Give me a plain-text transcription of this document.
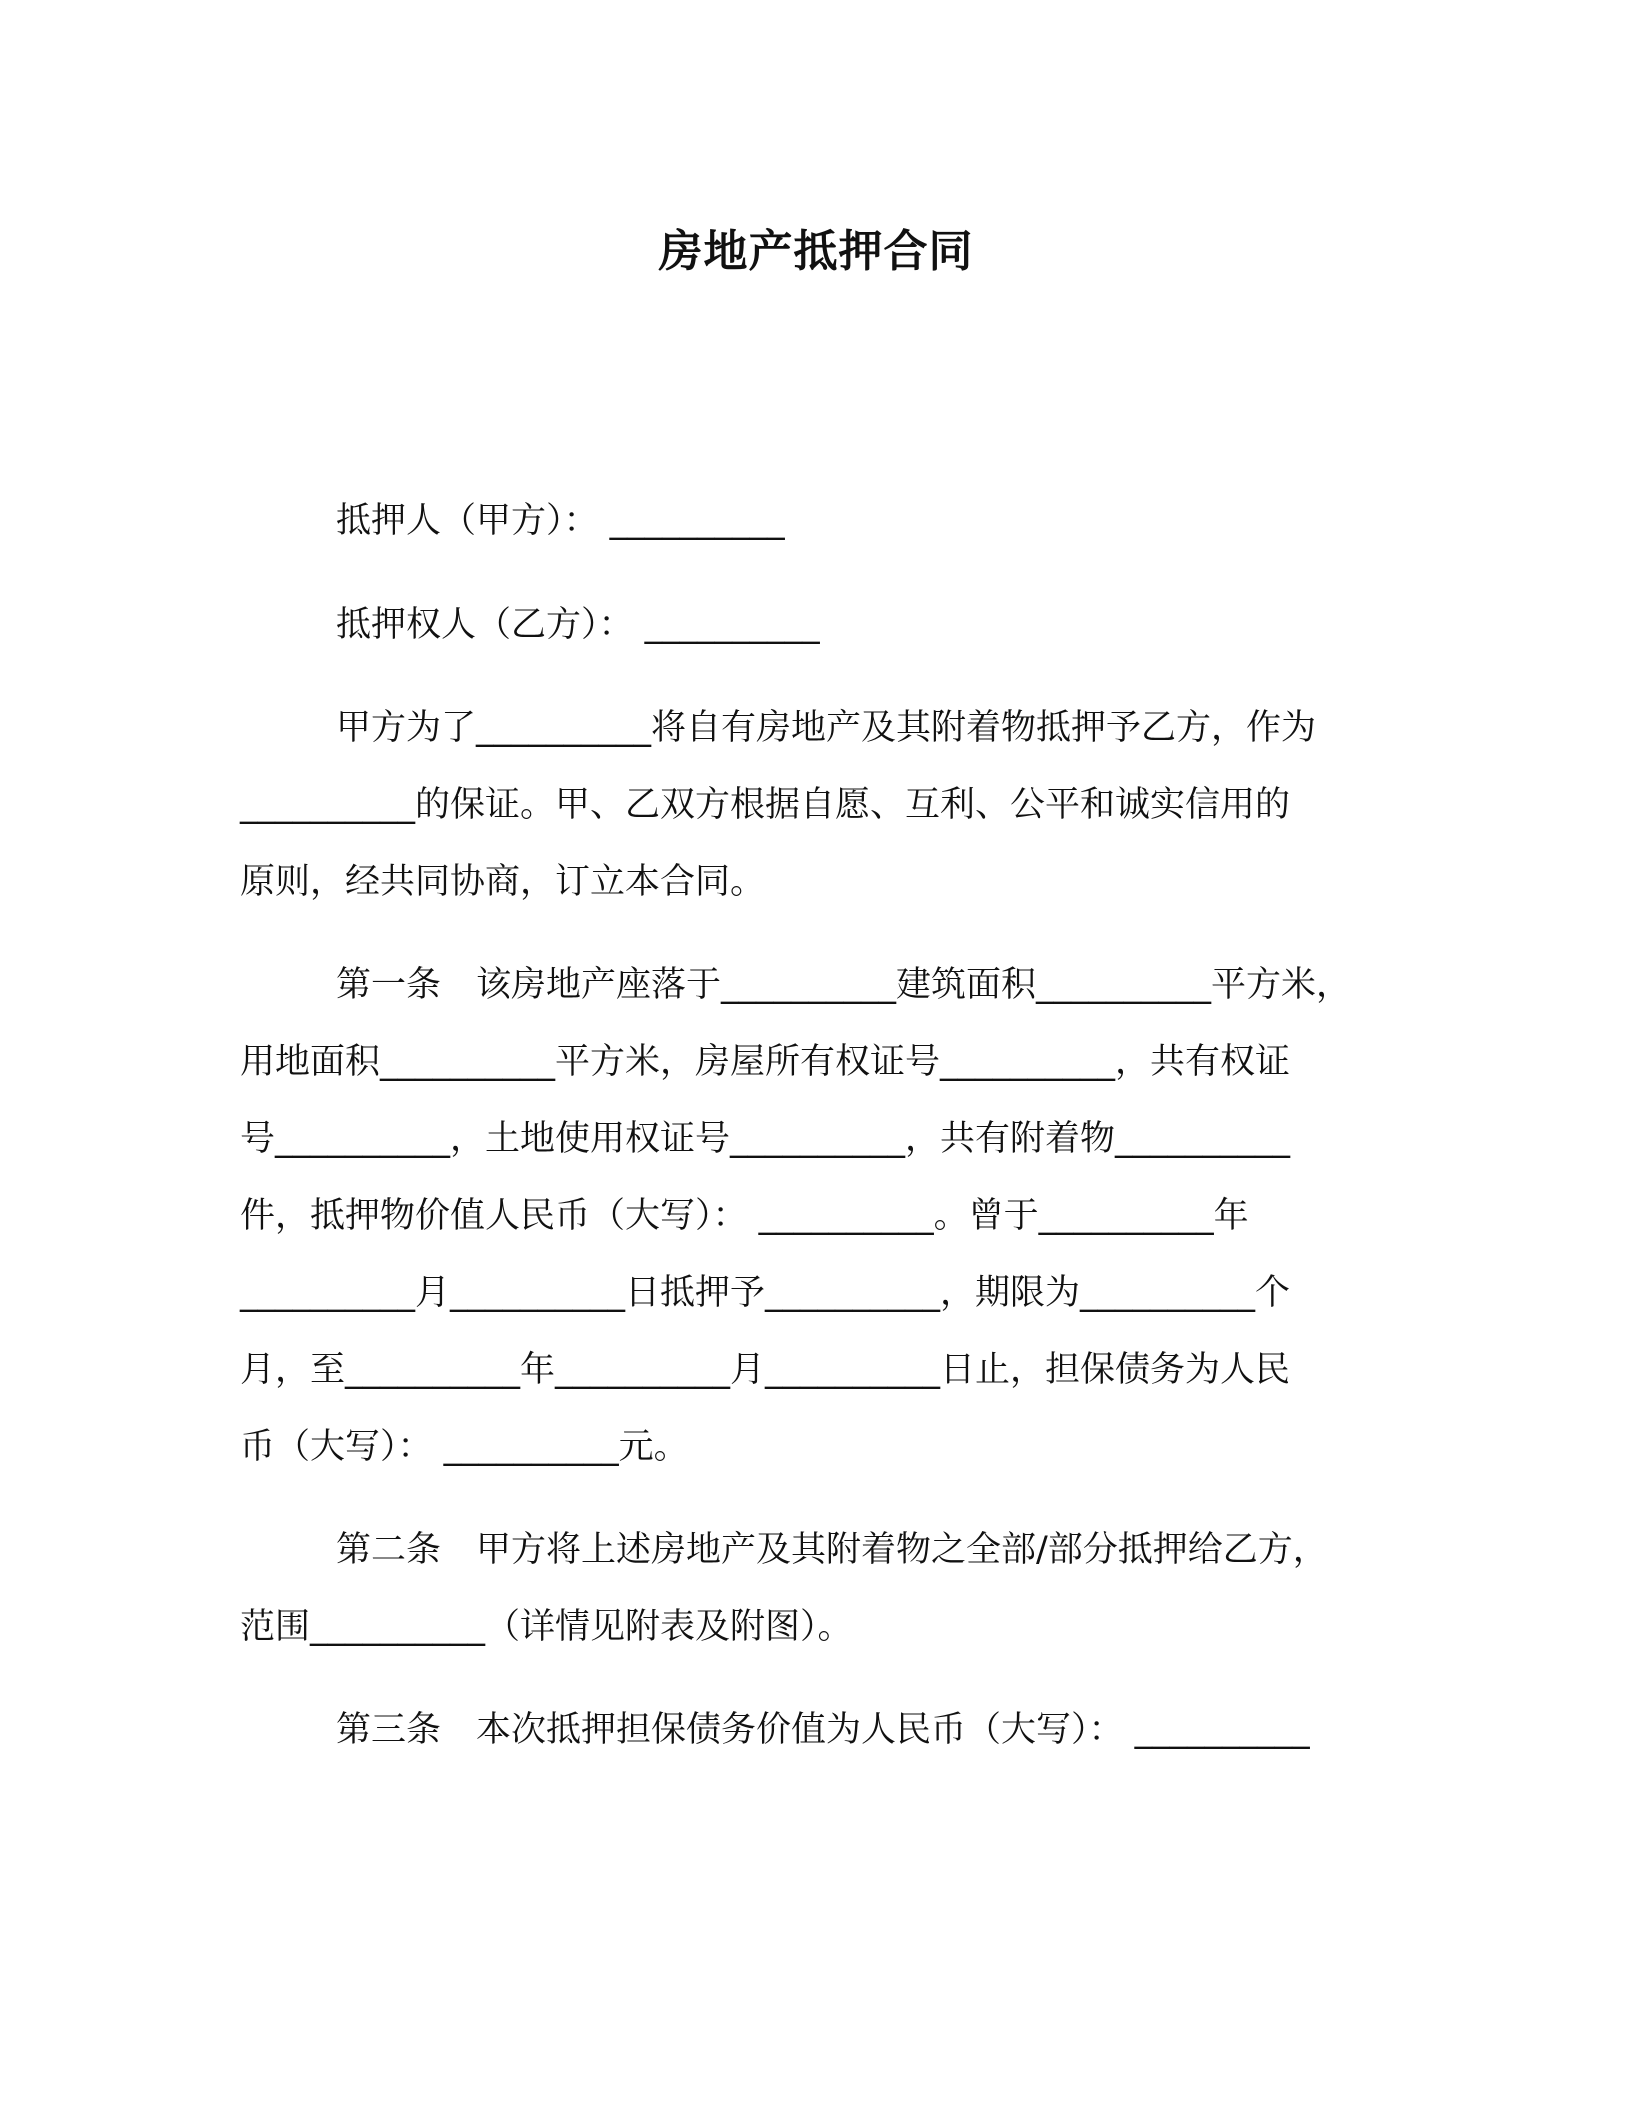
房地产抵押合同

抵押人（甲方）： __________

抵押权人（乙方）： __________

甲方为了__________将自有房地产及其附着物抵押予乙方，作为

__________的保证。甲、乙双方根据自愿、互利、公平和诚实信用的

原则，经共同协商，订立本合同。

第一条　该房地产座落于__________建筑面积__________平方米，

用地面积__________平方米，房屋所有权证号__________，共有权证

号__________，土地使用权证号__________，共有附着物__________

件，抵押物价值人民币（大写）： __________。曾于__________年

__________月__________日抵押予__________，期限为__________个

月，至__________年__________月__________日止，担保债务为人民

币（大写）： __________元。

第二条　甲方将上述房地产及其附着物之全部/部分抵押给乙方，

范围__________（详情见附表及附图）。

第三条　本次抵押担保债务价值为人民币（大写）： __________
